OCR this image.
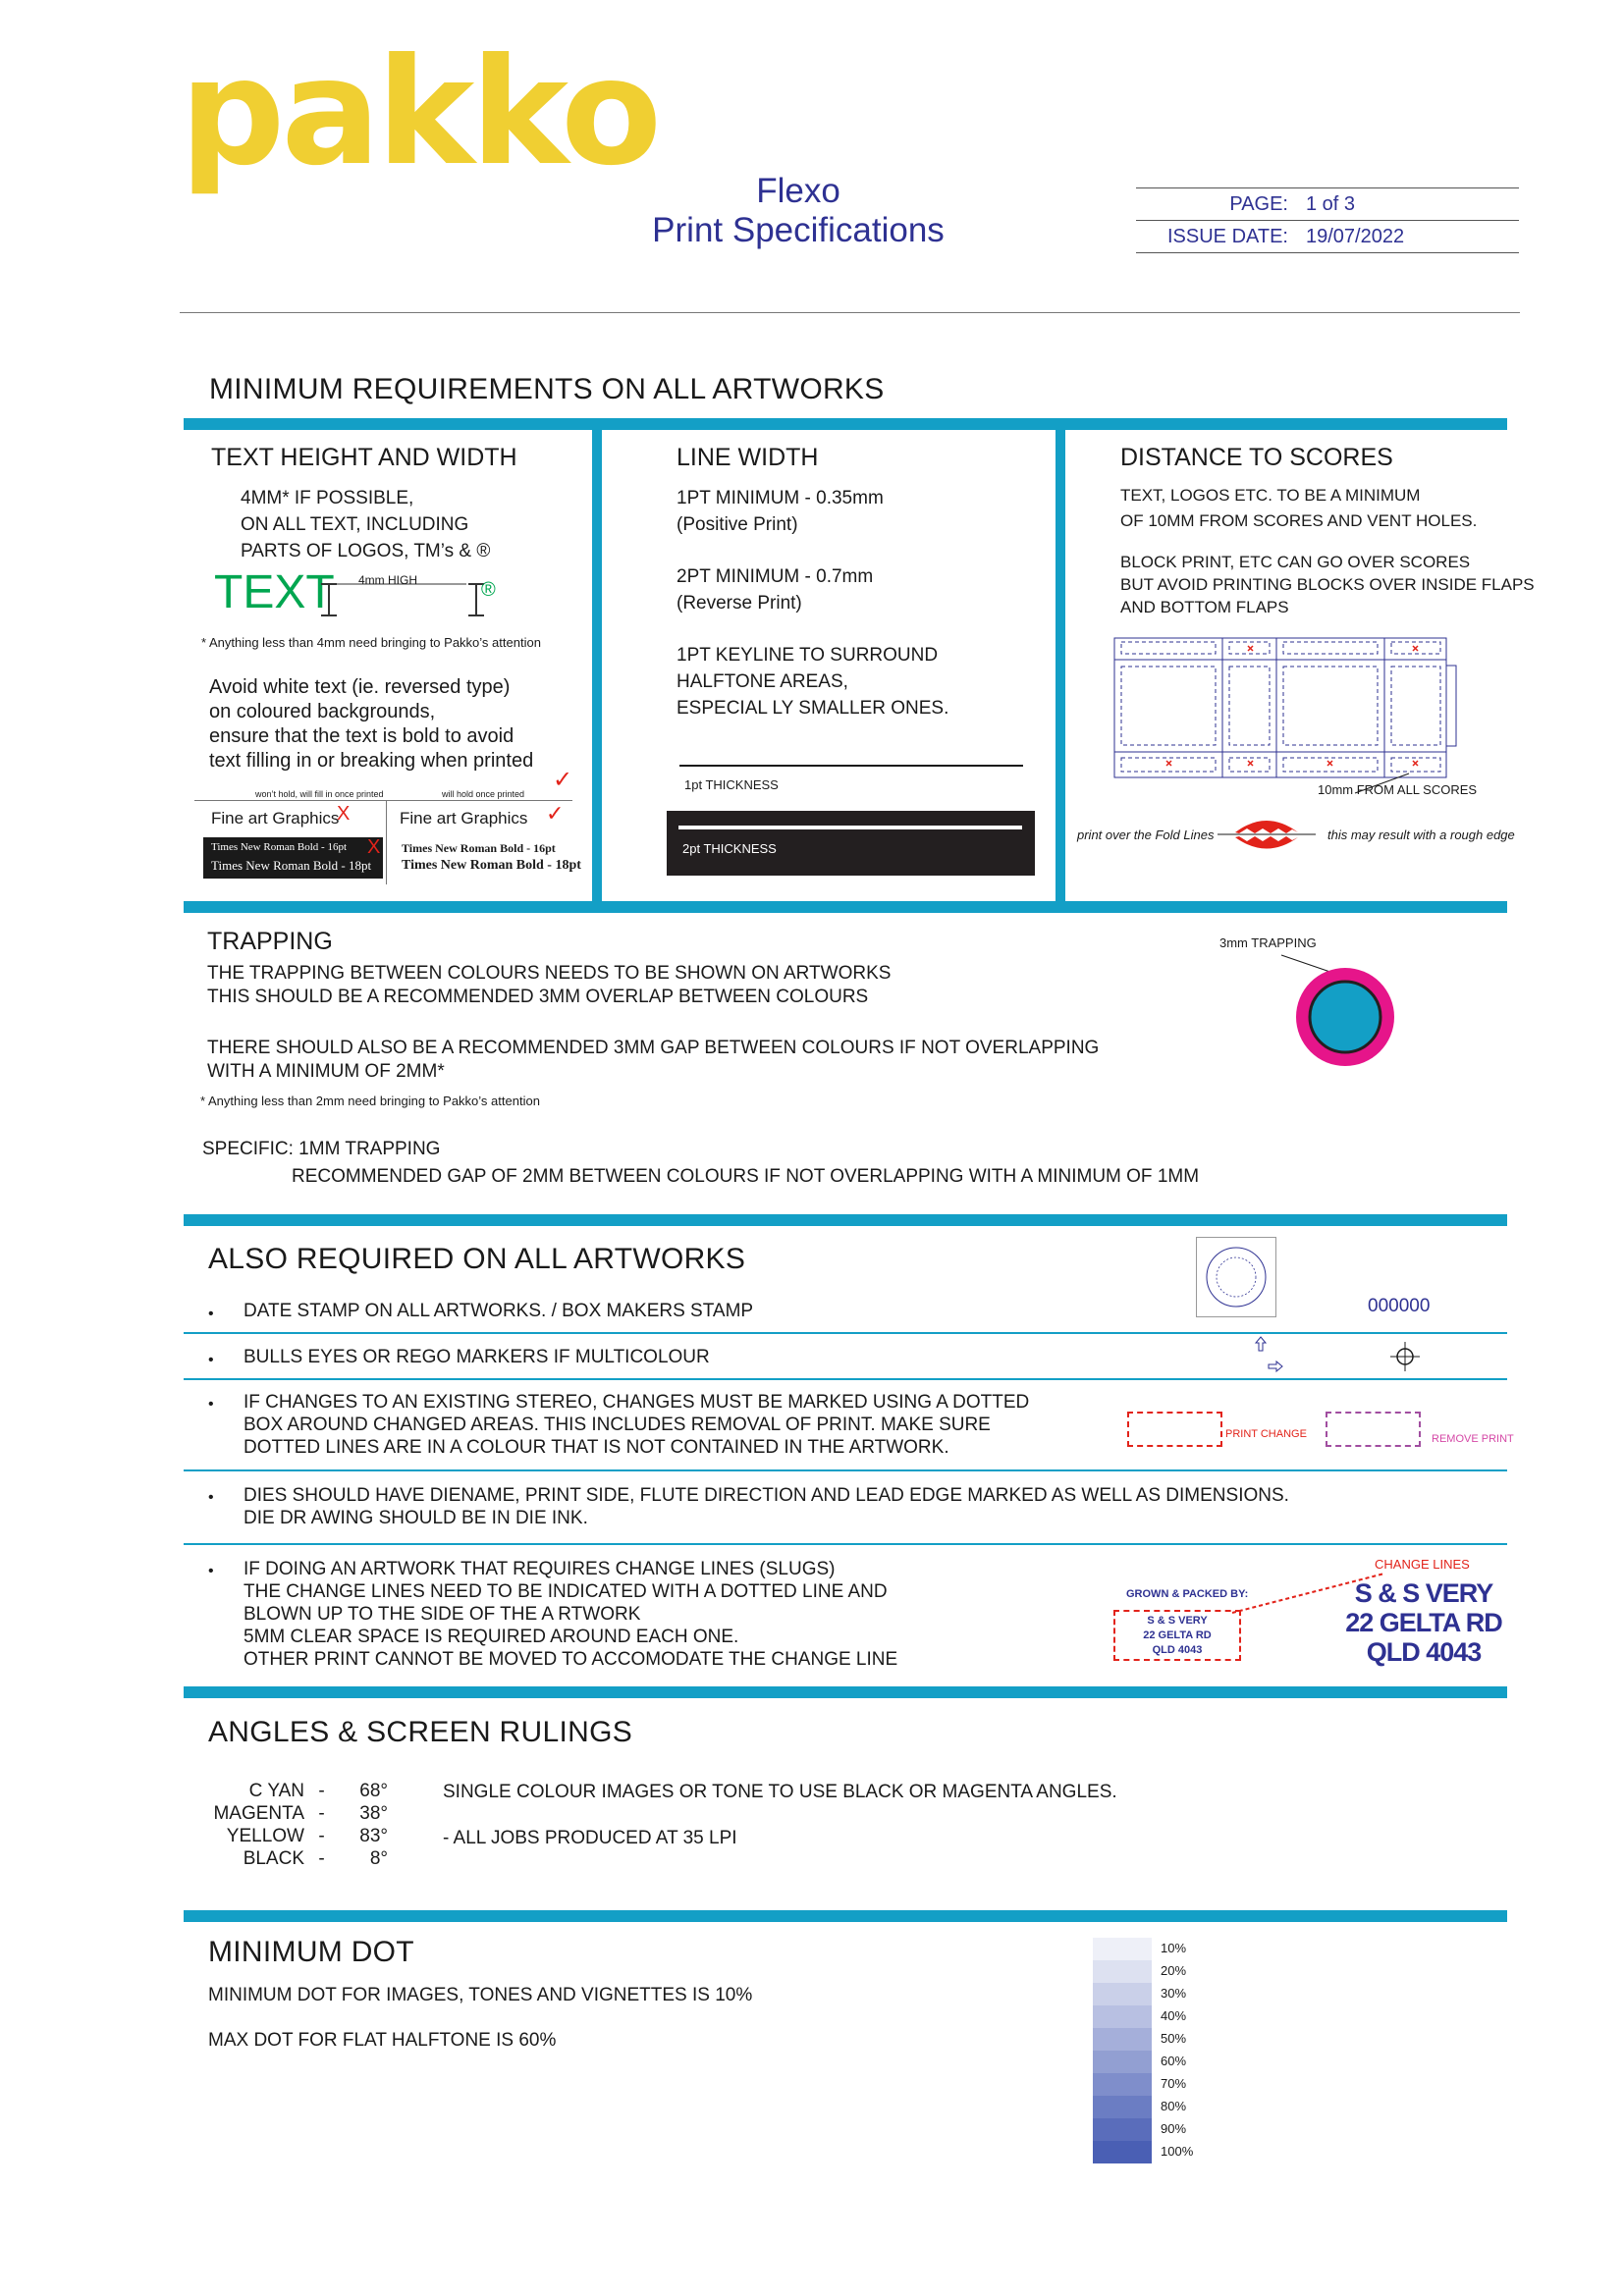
pakko	Flexo
Print Specifications
PAGE: 1 of 3
ISSUE DATE: 19/07/2022
MINIMUM REQUIREMENTS ON ALL ARTWORKS
TEXT HEIGHT AND WIDTH
4MM* IF POSSIBLE,
ON ALL TEXT, INCLUDING
PARTS OF LOGOS, TM’s & ®
TEXT 4mm HIGH	®
* Anything less than 4mm need bringing to Pakko’s attention
Avoid white text (ie. reversed type)
on coloured backgrounds,
ensure that the text is bold to avoid
text filling in or breaking when printed
✓
won’t hold, will fill in once printed	will hold once printed
Fine art Graphics
X	Fine art Graphics ✓
Times New Roman Bold - 16pt
Times New Roman Bold - 18pt
X Times New Roman Bold - 16pt
Times New Roman Bold - 18pt
LINE WIDTH
1PT MINIMUM - 0.35mm
(Positive Print)
2PT MINIMUM - 0.7mm
(Reverse Print)
1PT KEYLINE TO SURROUND
HALFTONE AREAS,
ESPECIAL LY SMALLER ONES.
1pt THICKNESS
2pt THICKNESS
DISTANCE TO SCORES
TEXT, LOGOS ETC. TO BE A MINIMUM
OF 10MM FROM SCORES AND VENT HOLES.
BLOCK PRINT, ETC CAN GO OVER SCORES
BUT AVOID PRINTING BLOCKS OVER INSIDE FLAPS
AND BOTTOM FLAPS
10mm FROM ALL SCORES
print over the Fold Lines	this may result with a rough edge
TRAPPING
THE TRAPPING BETWEEN COLOURS NEEDS TO BE SHOWN ON ARTWORKS
THIS SHOULD BE A RECOMMENDED 3MM OVERLAP BETWEEN COLOURS
THERE SHOULD ALSO BE A RECOMMENDED 3MM GAP BETWEEN COLOURS IF NOT OVERLAPPING
WITH A MINIMUM OF 2MM*
* Anything less than 2mm need bringing to Pakko’s attention
SPECIFIC: 1MM TRAPPING
RECOMMENDED GAP OF 2MM BETWEEN COLOURS IF NOT OVERLAPPING WITH A MINIMUM OF 1MM
3mm TRAPPING
ALSO REQUIRED ON ALL ARTWORKS
000000
• DATE STAMP ON ALL ARTWORKS. / BOX MAKERS STAMP
• BULLS EYES OR REGO MARKERS IF MULTICOLOUR
• IF CHANGES TO AN EXISTING STEREO, CHANGES MUST BE MARKED USING A DOTTED
BOX AROUND CHANGED AREAS. THIS INCLUDES REMOVAL OF PRINT. MAKE SURE
DOTTED LINES ARE IN A COLOUR THAT IS NOT CONTAINED IN THE ARTWORK.
PRINT CHANGE	REMOVE PRINT
• DIES SHOULD HAVE DIENAME, PRINT SIDE, FLUTE DIRECTION AND LEAD EDGE MARKED AS WELL AS DIMENSIONS.
DIE DR AWING SHOULD BE IN DIE INK.
• IF DOING AN ARTWORK THAT REQUIRES CHANGE LINES (SLUGS)
THE CHANGE LINES NEED TO BE INDICATED WITH A DOTTED LINE AND
BLOWN UP TO THE SIDE OF THE A RTWORK
5MM CLEAR SPACE IS REQUIRED AROUND EACH ONE.
OTHER PRINT CANNOT BE MOVED TO ACCOMODATE THE CHANGE LINE
CHANGE LINES
GROWN & PACKED BY:
S & S VERY
22 GELTA RD
QLD 4043
S & S VERY
22 GELTA RD
QLD 4043
ANGLES & SCREEN RULINGS
C YAN -	68°
MAGENTA -	38°
YELLOW -	83°
BLACK -	8°
SINGLE COLOUR IMAGES OR TONE TO USE BLACK OR MAGENTA ANGLES.
- ALL JOBS PRODUCED AT 35 LPI
MINIMUM DOT
MINIMUM DOT FOR IMAGES, TONES AND VIGNETTES IS 10%
MAX DOT FOR FLAT HALFTONE IS 60%
10%
20%
30%
40%
50%
60%
70%
80%
90%
100%
